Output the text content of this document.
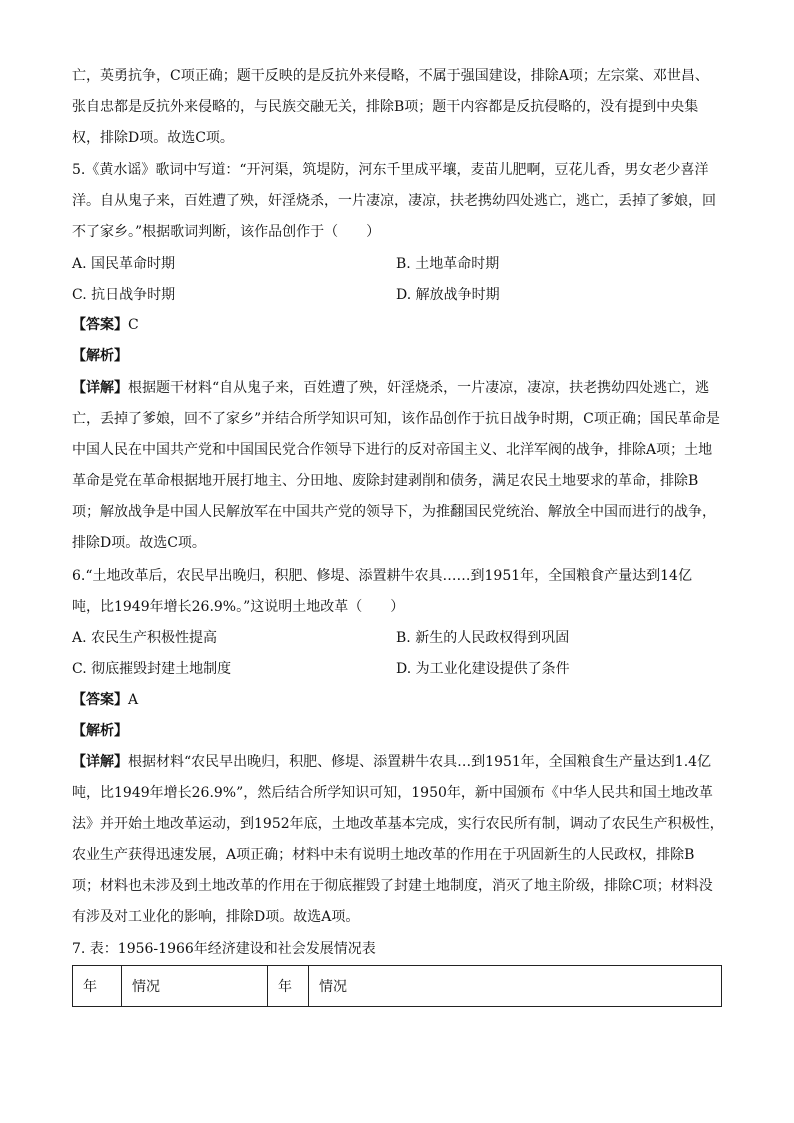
亡，英勇抗争，C项正确；题干反映的是反抗外来侵略，不属于强国建设，排除A项；左宗棠、邓世昌、
张自忠都是反抗外来侵略的，与民族交融无关，排除B项；题干内容都是反抗侵略的，没有提到中央集
权，排除D项。故选C项。
5.《黄水谣》歌词中写道：“开河渠，筑堤防，河东千里成平壤，麦苗儿肥啊，豆花儿香，男女老少喜洋
洋。自从鬼子来，百姓遭了殃，奸淫烧杀，一片凄凉，凄凉，扶老携幼四处逃亡，逃亡，丢掉了爹娘，回
不了家乡。”根据歌词判断，该作品创作于（　　）
A. 国民革命时期	B. 土地革命时期
C. 抗日战争时期	D. 解放战争时期
【答案】C
【解析】
【详解】根据题干材料“自从鬼子来，百姓遭了殃，奸淫烧杀，一片凄凉，凄凉，扶老携幼四处逃亡，逃
亡，丢掉了爹娘，回不了家乡”并结合所学知识可知，该作品创作于抗日战争时期，C项正确；国民革命是
中国人民在中国共产党和中国国民党合作领导下进行的反对帝国主义、北洋军阀的战争，排除A项；土地
革命是党在革命根据地开展打地主、分田地、废除封建剥削和债务，满足农民土地要求的革命，排除B
项；解放战争是中国人民解放军在中国共产党的领导下，为推翻国民党统治、解放全中国而进行的战争，
排除D项。故选C项。
6.“土地改革后，农民早出晚归，积肥、修堤、添置耕牛农具……到1951年，全国粮食产量达到14亿
吨，比1949年增长26.9%。”这说明土地改革（　　）
A. 农民生产积极性提高	B. 新生的人民政权得到巩固
C. 彻底摧毁封建土地制度	D. 为工业化建设提供了条件
【答案】A
【解析】
【详解】根据材料“农民早出晚归，积肥、修堤、添置耕牛农具…到1951年，全国粮食生产量达到1.4亿
吨，比1949年增长26.9%”，然后结合所学知识可知，1950年，新中国颁布《中华人民共和国土地改革
法》并开始土地改革运动，到1952年底，土地改革基本完成，实行农民所有制，调动了农民生产积极性，
农业生产获得迅速发展，A项正确；材料中未有说明土地改革的作用在于巩固新生的人民政权，排除B
项；材料也未涉及到土地改革的作用在于彻底摧毁了封建土地制度，消灭了地主阶级，排除C项；材料没
有涉及对工业化的影响，排除D项。故选A项。
7. 表：1956-1966年经济建设和社会发展情况表
年	情况	年	情况
